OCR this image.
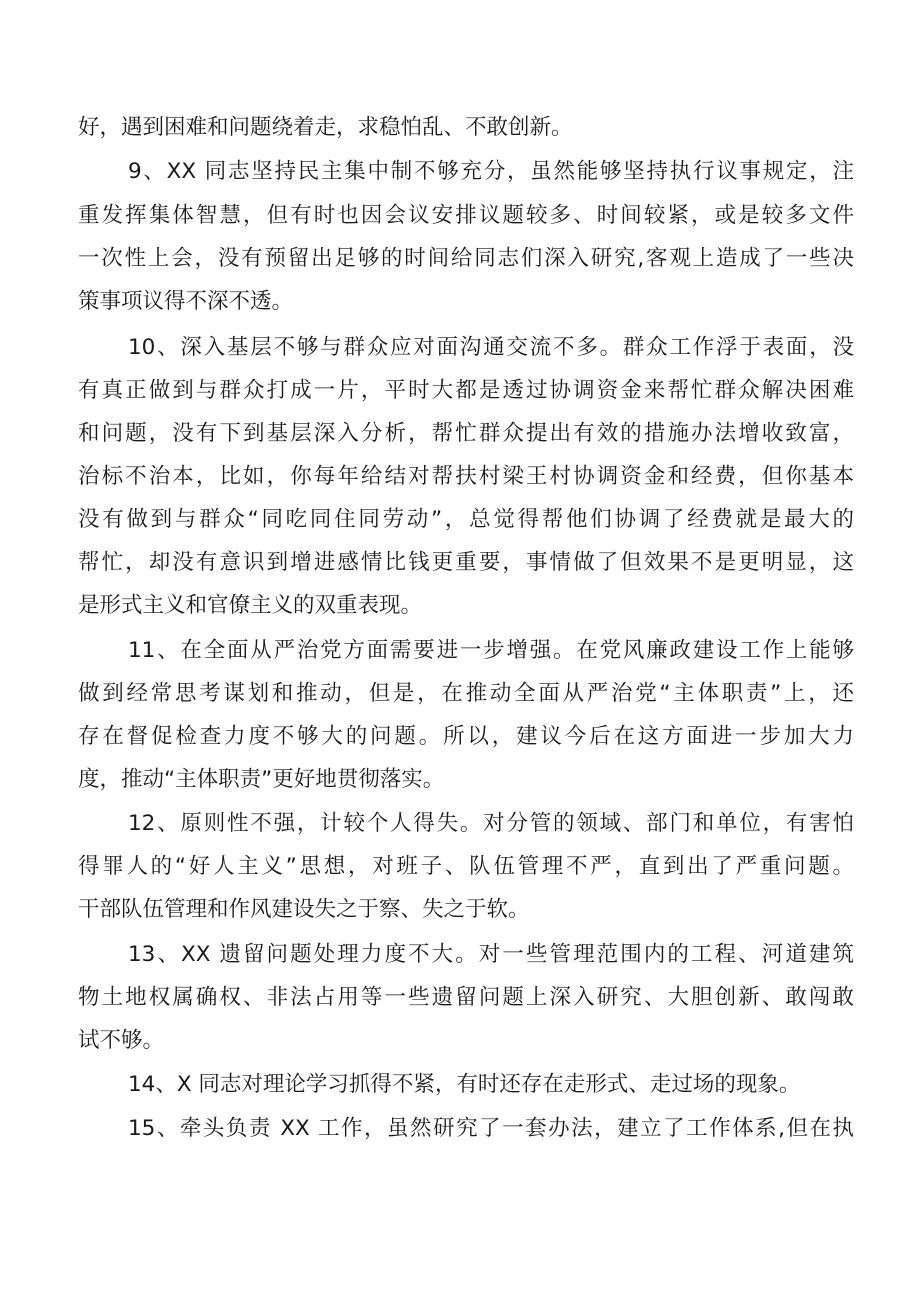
好，遇到困难和问题绕着走，求稳怕乱、不敢创新。
9、XX 同志坚持民主集中制不够充分，虽然能够坚持执行议事规定，注
重发挥集体智慧，但有时也因会议安排议题较多、时间较紧，或是较多文件
一次性上会，没有预留出足够的时间给同志们深入研究,客观上造成了一些决
策事项议得不深不透。
10、深入基层不够与群众应对面沟通交流不多。群众工作浮于表面，没
有真正做到与群众打成一片，平时大都是透过协调资金来帮忙群众解决困难
和问题，没有下到基层深入分析，帮忙群众提出有效的措施办法增收致富，
治标不治本，比如，你每年给结对帮扶村梁王村协调资金和经费，但你基本
没有做到与群众“同吃同住同劳动”，总觉得帮他们协调了经费就是最大的
帮忙，却没有意识到增进感情比钱更重要，事情做了但效果不是更明显，这
是形式主义和官僚主义的双重表现。
11、在全面从严治党方面需要进一步增强。在党风廉政建设工作上能够
做到经常思考谋划和推动，但是，在推动全面从严治党“主体职责”上，还
存在督促检查力度不够大的问题。所以，建议今后在这方面进一步加大力
度，推动“主体职责”更好地贯彻落实。
12、原则性不强，计较个人得失。对分管的领域、部门和单位，有害怕
得罪人的“好人主义”思想，对班子、队伍管理不严，直到出了严重问题。
干部队伍管理和作风建设失之于察、失之于软。
13、XX 遗留问题处理力度不大。对一些管理范围内的工程、河道建筑
物土地权属确权、非法占用等一些遗留问题上深入研究、大胆创新、敢闯敢
试不够。
14、X 同志对理论学习抓得不紧，有时还存在走形式、走过场的现象。
15、牵头负责 XX 工作，虽然研究了一套办法，建立了工作体系,但在执
